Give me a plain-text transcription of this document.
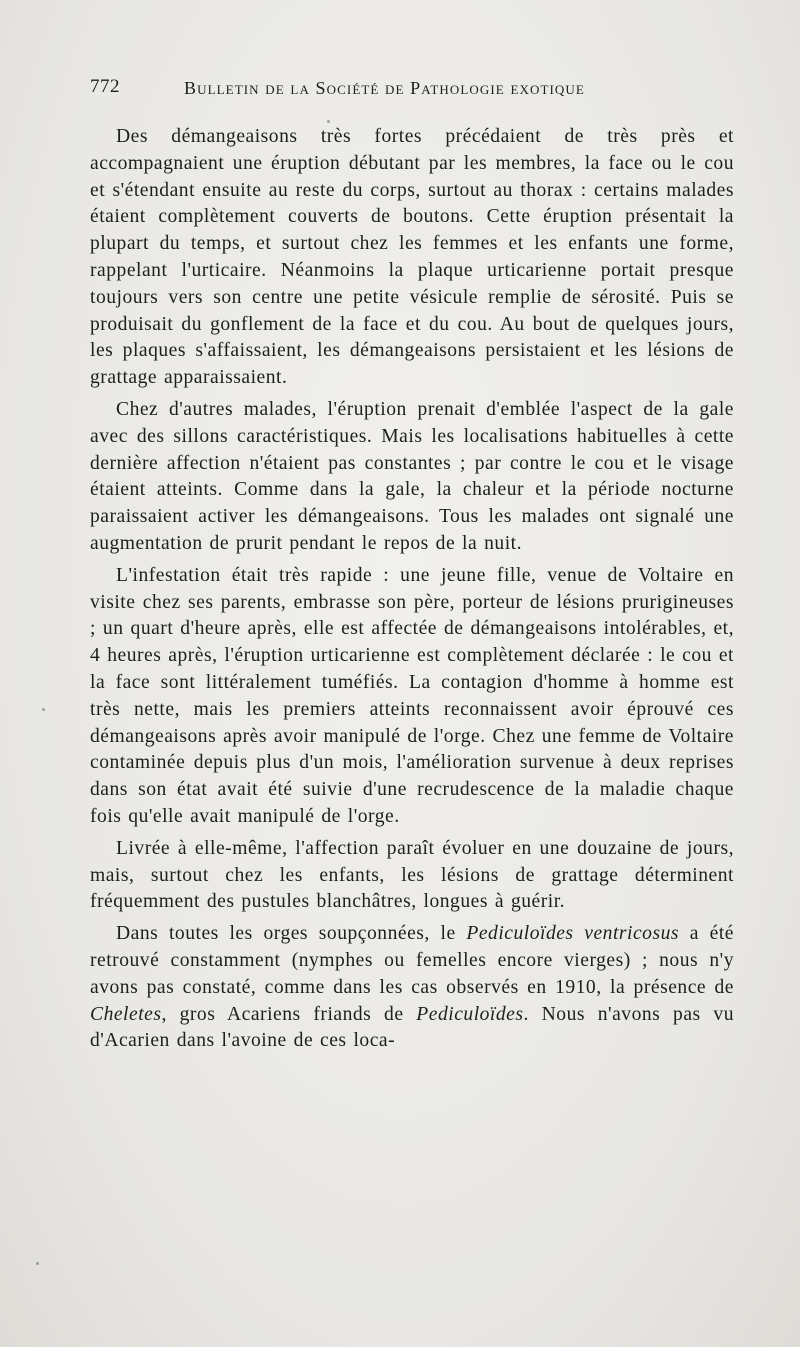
772	Bulletin de la Société de Pathologie exotique

Des démangeaisons très fortes précédaient de très près et accompagnaient une éruption débutant par les membres, la face ou le cou et s'étendant ensuite au reste du corps, surtout au thorax : certains malades étaient complètement couverts de boutons. Cette éruption présentait la plupart du temps, et surtout chez les femmes et les enfants une forme, rappelant l'urticaire. Néanmoins la plaque urticarienne portait presque toujours vers son centre une petite vésicule remplie de sérosité. Puis se produisait du gonflement de la face et du cou. Au bout de quelques jours, les plaques s'affaissaient, les démangeaisons persistaient et les lésions de grattage apparaissaient.

Chez d'autres malades, l'éruption prenait d'emblée l'aspect de la gale avec des sillons caractéristiques. Mais les localisations habituelles à cette dernière affection n'étaient pas constantes ; par contre le cou et le visage étaient atteints. Comme dans la gale, la chaleur et la période nocturne paraissaient activer les démangeaisons. Tous les malades ont signalé une augmentation de prurit pendant le repos de la nuit.

L'infestation était très rapide : une jeune fille, venue de Voltaire en visite chez ses parents, embrasse son père, porteur de lésions prurigineuses ; un quart d'heure après, elle est affectée de démangeaisons intolérables, et, 4 heures après, l'éruption urticarienne est complètement déclarée : le cou et la face sont littéralement tuméfiés. La contagion d'homme à homme est très nette, mais les premiers atteints reconnaissent avoir éprouvé ces démangeaisons après avoir manipulé de l'orge. Chez une femme de Voltaire contaminée depuis plus d'un mois, l'amélioration survenue à deux reprises dans son état avait été suivie d'une recrudescence de la maladie chaque fois qu'elle avait manipulé de l'orge.

Livrée à elle-même, l'affection paraît évoluer en une douzaine de jours, mais, surtout chez les enfants, les lésions de grattage déterminent fréquemment des pustules blanchâtres, longues à guérir.

Dans toutes les orges soupçonnées, le Pediculoïdes ventricosus a été retrouvé constamment (nymphes ou femelles encore vierges) ; nous n'y avons pas constaté, comme dans les cas observés en 1910, la présence de Cheletes, gros Acariens friands de Pediculoïdes. Nous n'avons pas vu d'Acarien dans l'avoine de ces loca-
